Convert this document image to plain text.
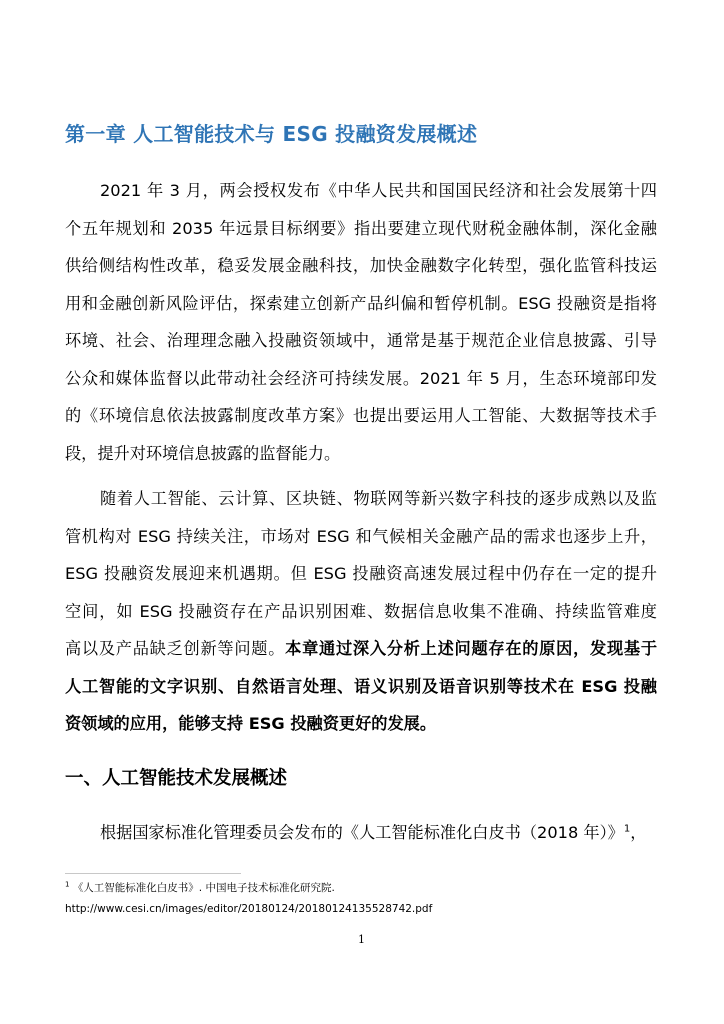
第一章 人工智能技术与 ESG 投融资发展概述
2021 年 3 月，两会授权发布《中华人民共和国国民经济和社会发展第十四
个五年规划和 2035 年远景目标纲要》指出要建立现代财税金融体制，深化金融
供给侧结构性改革，稳妥发展金融科技，加快金融数字化转型，强化监管科技运
用和金融创新风险评估，探索建立创新产品纠偏和暂停机制。ESG 投融资是指将
环境、社会、治理理念融入投融资领域中，通常是基于规范企业信息披露、引导
公众和媒体监督以此带动社会经济可持续发展。2021 年 5 月，生态环境部印发
的《环境信息依法披露制度改革方案》也提出要运用人工智能、大数据等技术手
段，提升对环境信息披露的监督能力。
随着人工智能、云计算、区块链、物联网等新兴数字科技的逐步成熟以及监
管机构对 ESG 持续关注，市场对 ESG 和气候相关金融产品的需求也逐步上升，
ESG 投融资发展迎来机遇期。但 ESG 投融资高速发展过程中仍存在一定的提升
空间，如 ESG 投融资存在产品识别困难、数据信息收集不准确、持续监管难度
高以及产品缺乏创新等问题。本章通过深入分析上述问题存在的原因，发现基于
人工智能的文字识别、自然语言处理、语义识别及语音识别等技术在 ESG 投融
资领域的应用，能够支持 ESG 投融资更好的发展。
一、人工智能技术发展概述
根据国家标准化管理委员会发布的《人工智能标准化白皮书（2018 年）》$^1$，
$^1$ 《人工智能标准化白皮书》. 中国电子技术标准化研究院.
http://www.cesi.cn/images/editor/20180124/20180124135528742.pdf
1
